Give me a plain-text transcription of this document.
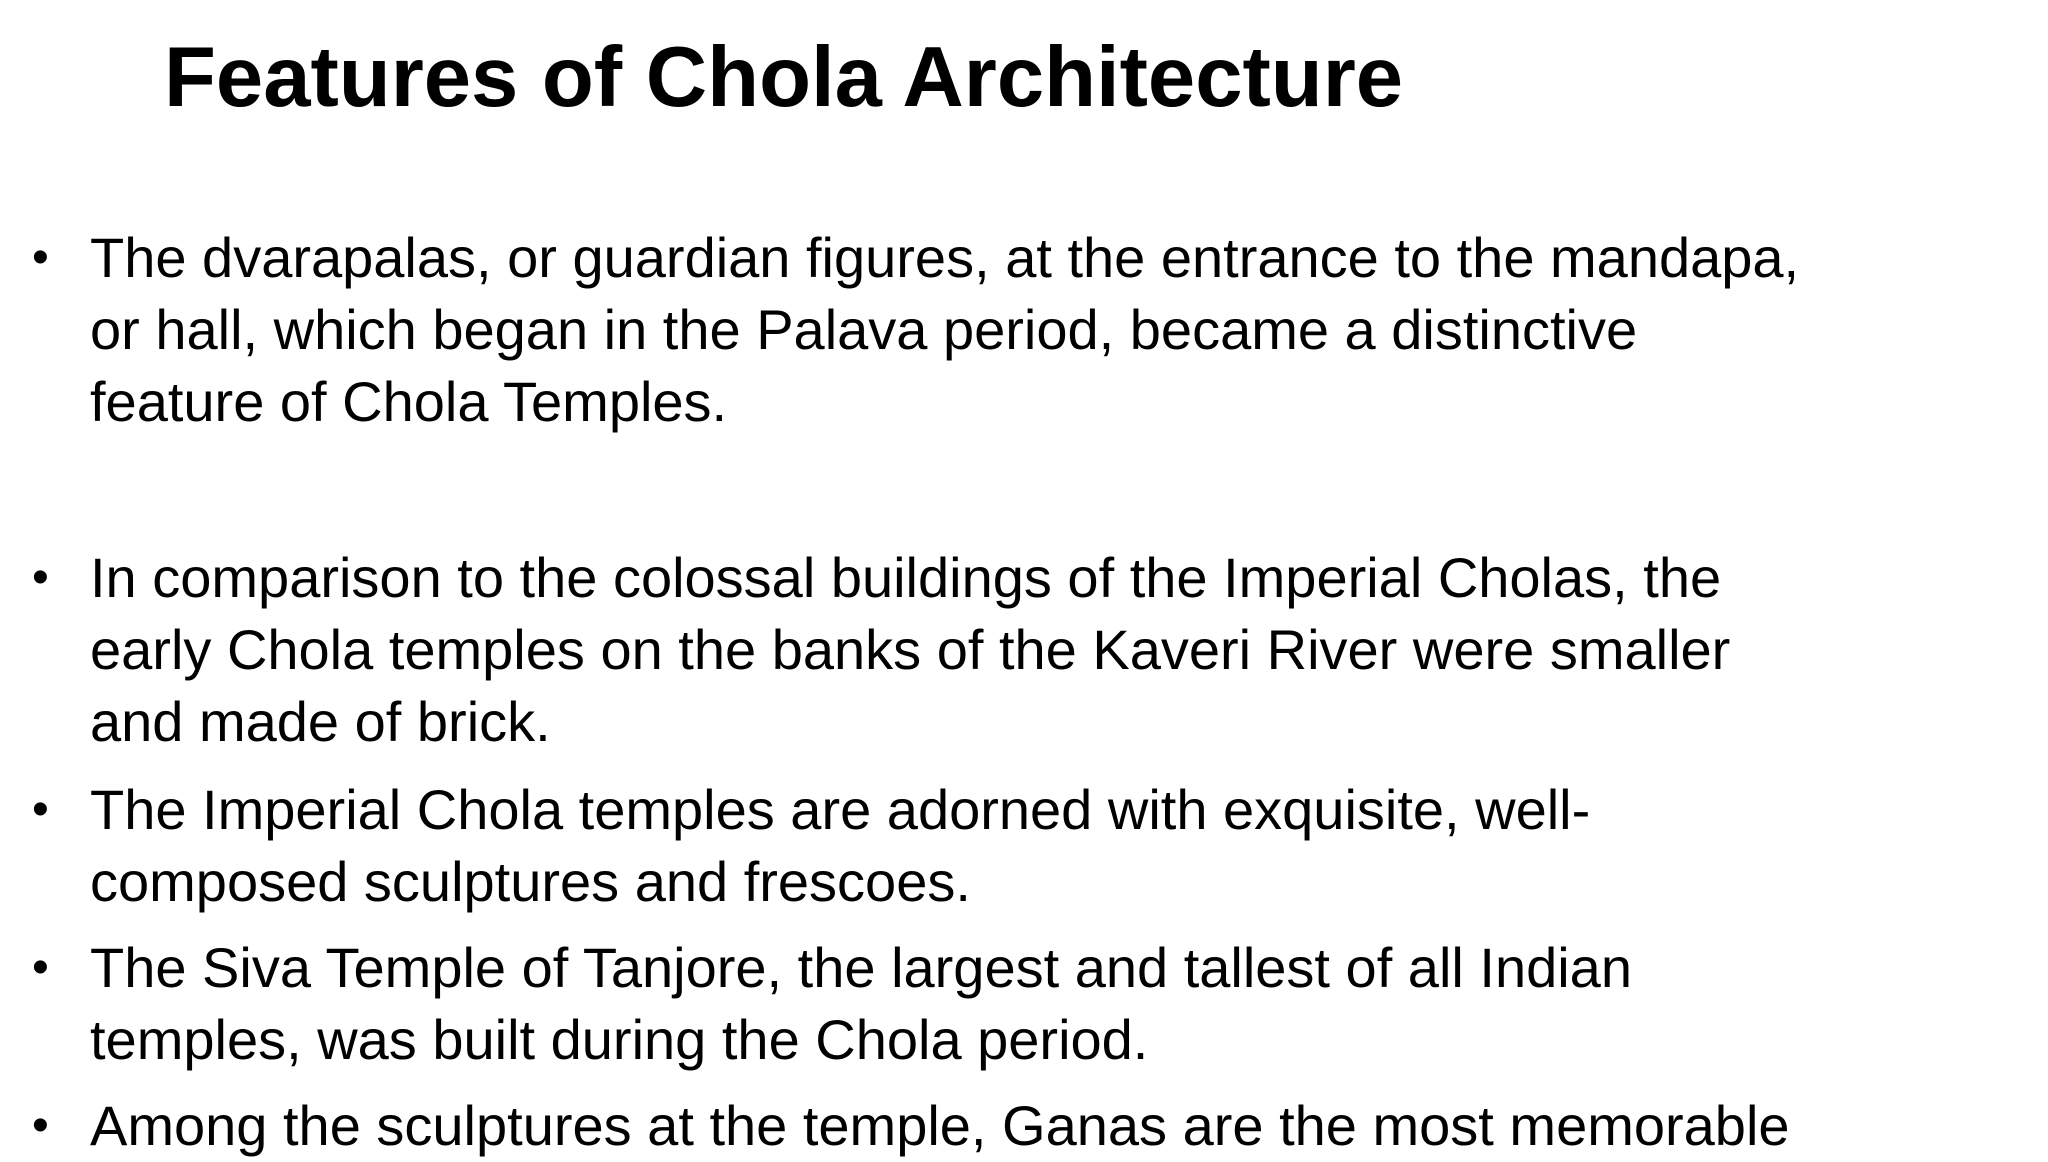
Features of Chola Architecture
• The dvarapalas, or guardian figures, at the entrance to the mandapa,
or hall, which began in the Palava period, became a distinctive
feature of Chola Temples.
• In comparison to the colossal buildings of the Imperial Cholas, the
early Chola temples on the banks of the Kaveri River were smaller
and made of brick.
• The Imperial Chola temples are adorned with exquisite, well-
composed sculptures and frescoes.
• The Siva Temple of Tanjore, the largest and tallest of all Indian
temples, was built during the Chola period.
• Among the sculptures at the temple, Ganas are the most memorable
